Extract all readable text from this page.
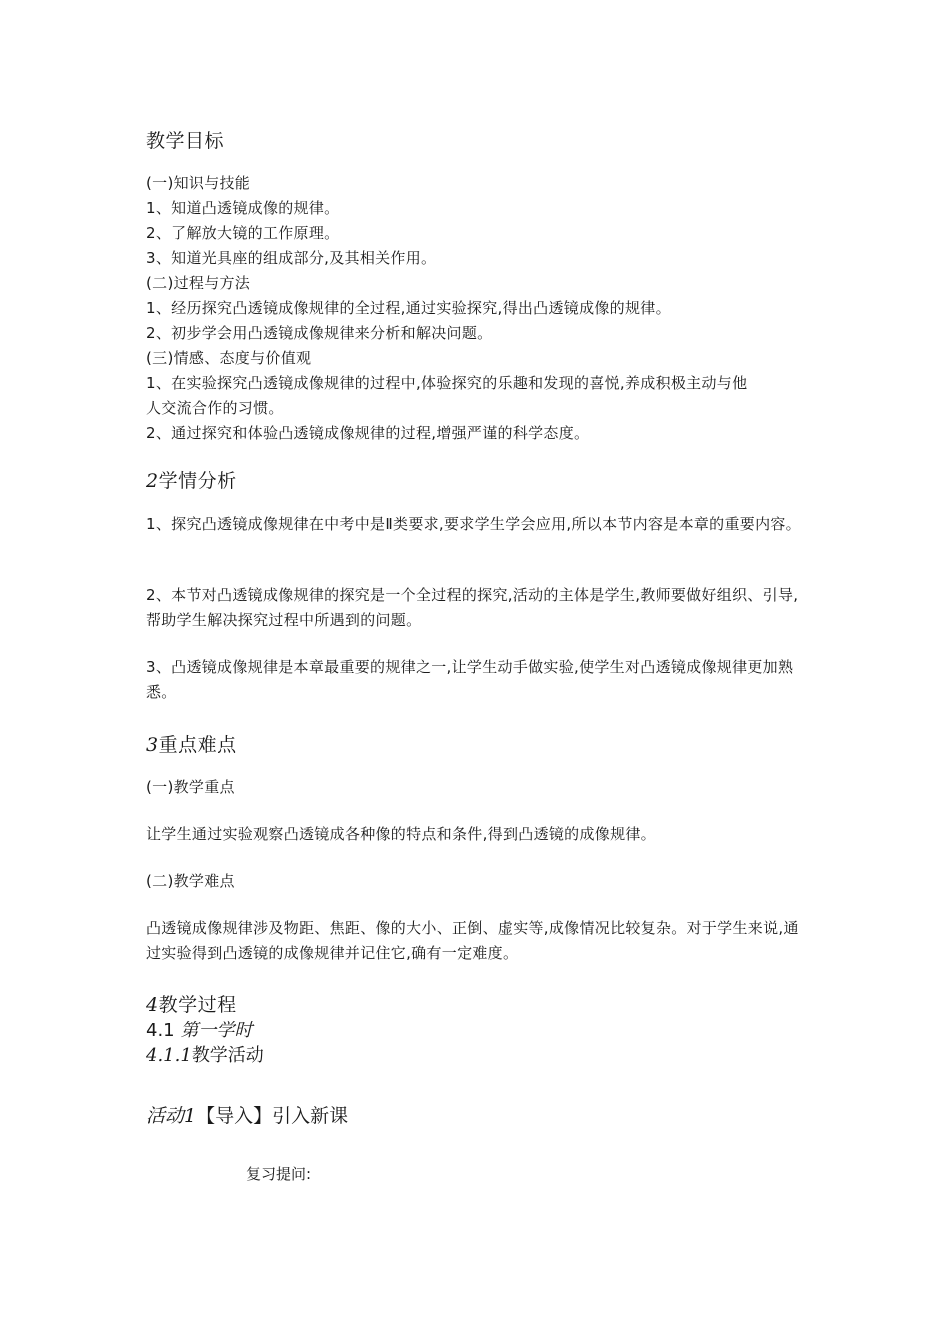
教学目标
(一)知识与技能
1、知道凸透镜成像的规律。
2、了解放大镜的工作原理。
3、知道光具座的组成部分,及其相关作用。
(二)过程与方法
1、经历探究凸透镜成像规律的全过程,通过实验探究,得出凸透镜成像的规律。
2、初步学会用凸透镜成像规律来分析和解决问题。
(三)情感、态度与价值观
1、在实验探究凸透镜成像规律的过程中,体验探究的乐趣和发现的喜悦,养成积极主动与他
人交流合作的习惯。
2、通过探究和体验凸透镜成像规律的过程,增强严谨的科学态度。
2学情分析
1、探究凸透镜成像规律在中考中是Ⅱ类要求,要求学生学会应用,所以本节内容是本章的重要内容。
2、本节对凸透镜成像规律的探究是一个全过程的探究,活动的主体是学生,教师要做好组织、引导,帮助学生解决探究过程中所遇到的问题。
3、凸透镜成像规律是本章最重要的规律之一,让学生动手做实验,使学生对凸透镜成像规律更加熟悉。
3重点难点
(一)教学重点
让学生通过实验观察凸透镜成各种像的特点和条件,得到凸透镜的成像规律。
(二)教学难点
凸透镜成像规律涉及物距、焦距、像的大小、正倒、虚实等,成像情况比较复杂。对于学生来说,通过实验得到凸透镜的成像规律并记住它,确有一定难度。
4教学过程
4.1 第一学时
4.1.1教学活动
活动1【导入】引入新课
复习提问:
